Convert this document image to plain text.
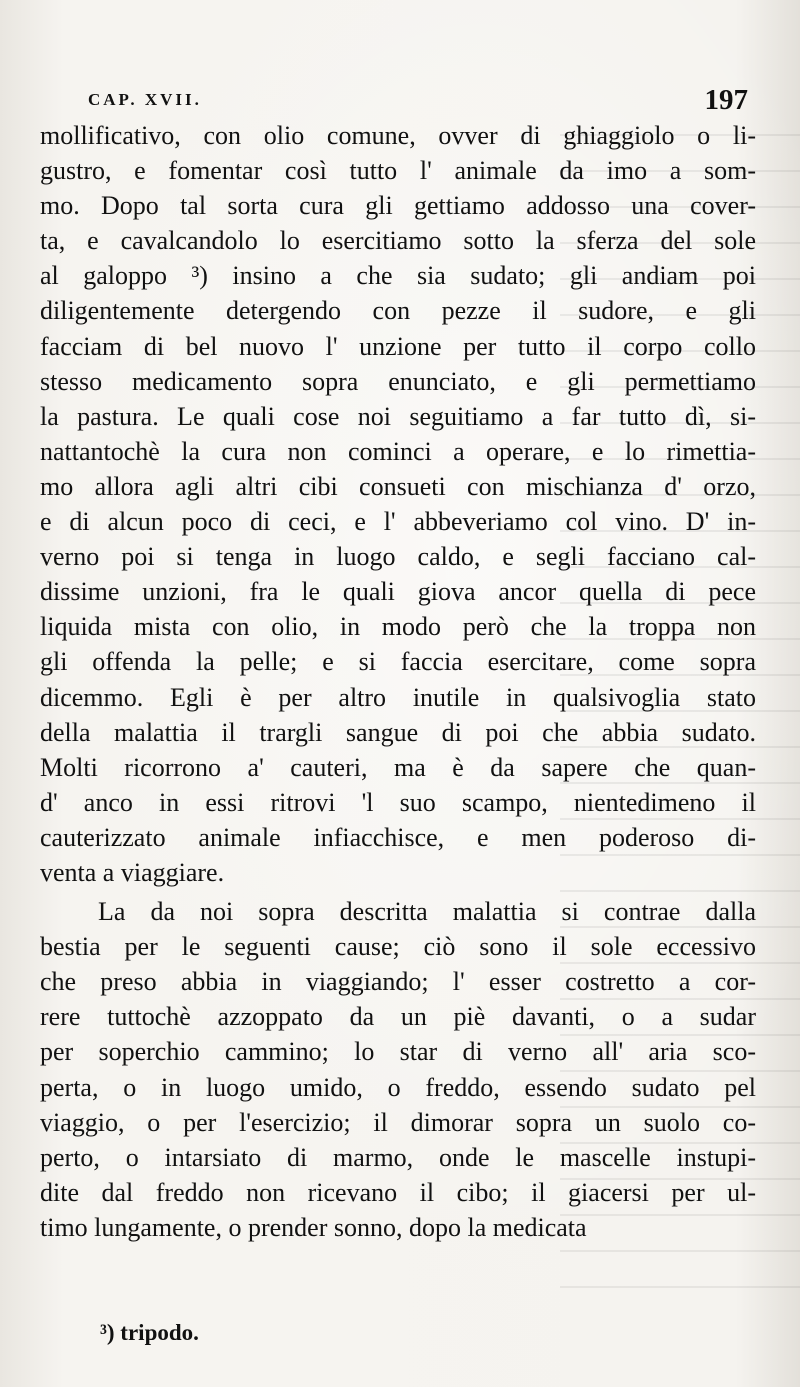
CAP. XVII.	197
mollificativo, con olio comune, ovver di ghiaggiolo o li-
gustro, e fomentar così tutto l' animale da imo a som-
mo. Dopo tal sorta cura gli gettiamo addosso una cover-
ta, e cavalcandolo lo esercitiamo sotto la sferza del sole
al galoppo ³) insino a che sia sudato; gli andiam poi
diligentemente detergendo con pezze il sudore, e gli
facciam di bel nuovo l' unzione per tutto il corpo collo
stesso medicamento sopra enunciato, e gli permettiamo
la pastura. Le quali cose noi seguitiamo a far tutto dì, si-
nattantochè la cura non cominci a operare, e lo rimettia-
mo allora agli altri cibi consueti con mischianza d' orzo,
e di alcun poco di ceci, e l' abbeveriamo col vino. D' in-
verno poi si tenga in luogo caldo, e segli facciano cal-
dissime unzioni, fra le quali giova ancor quella di pece
liquida mista con olio, in modo però che la troppa non
gli offenda la pelle; e si faccia esercitare, come sopra
dicemmo. Egli è per altro inutile in qualsivoglia stato
della malattia il trargli sangue di poi che abbia sudato.
Molti ricorrono a' cauteri, ma è da sapere che quan-
d' anco in essi ritrovi 'l suo scampo, nientedimeno il
cauterizzato animale infiacchisce, e men poderoso di-
venta a viaggiare.
La da noi sopra descritta malattia si contrae dalla
bestia per le seguenti cause; ciò sono il sole eccessivo
che preso abbia in viaggiando; l' esser costretto a cor-
rere tuttochè azzoppato da un piè davanti, o a sudar
per soperchio cammino; lo star di verno all' aria sco-
perta, o in luogo umido, o freddo, essendo sudato pel
viaggio, o per l'esercizio; il dimorar sopra un suolo co-
perto, o intarsiato di marmo, onde le mascelle instupi-
dite dal freddo non ricevano il cibo; il giacersi per ul-
timo lungamente, o prender sonno, dopo la medicata
³) tripodo.
